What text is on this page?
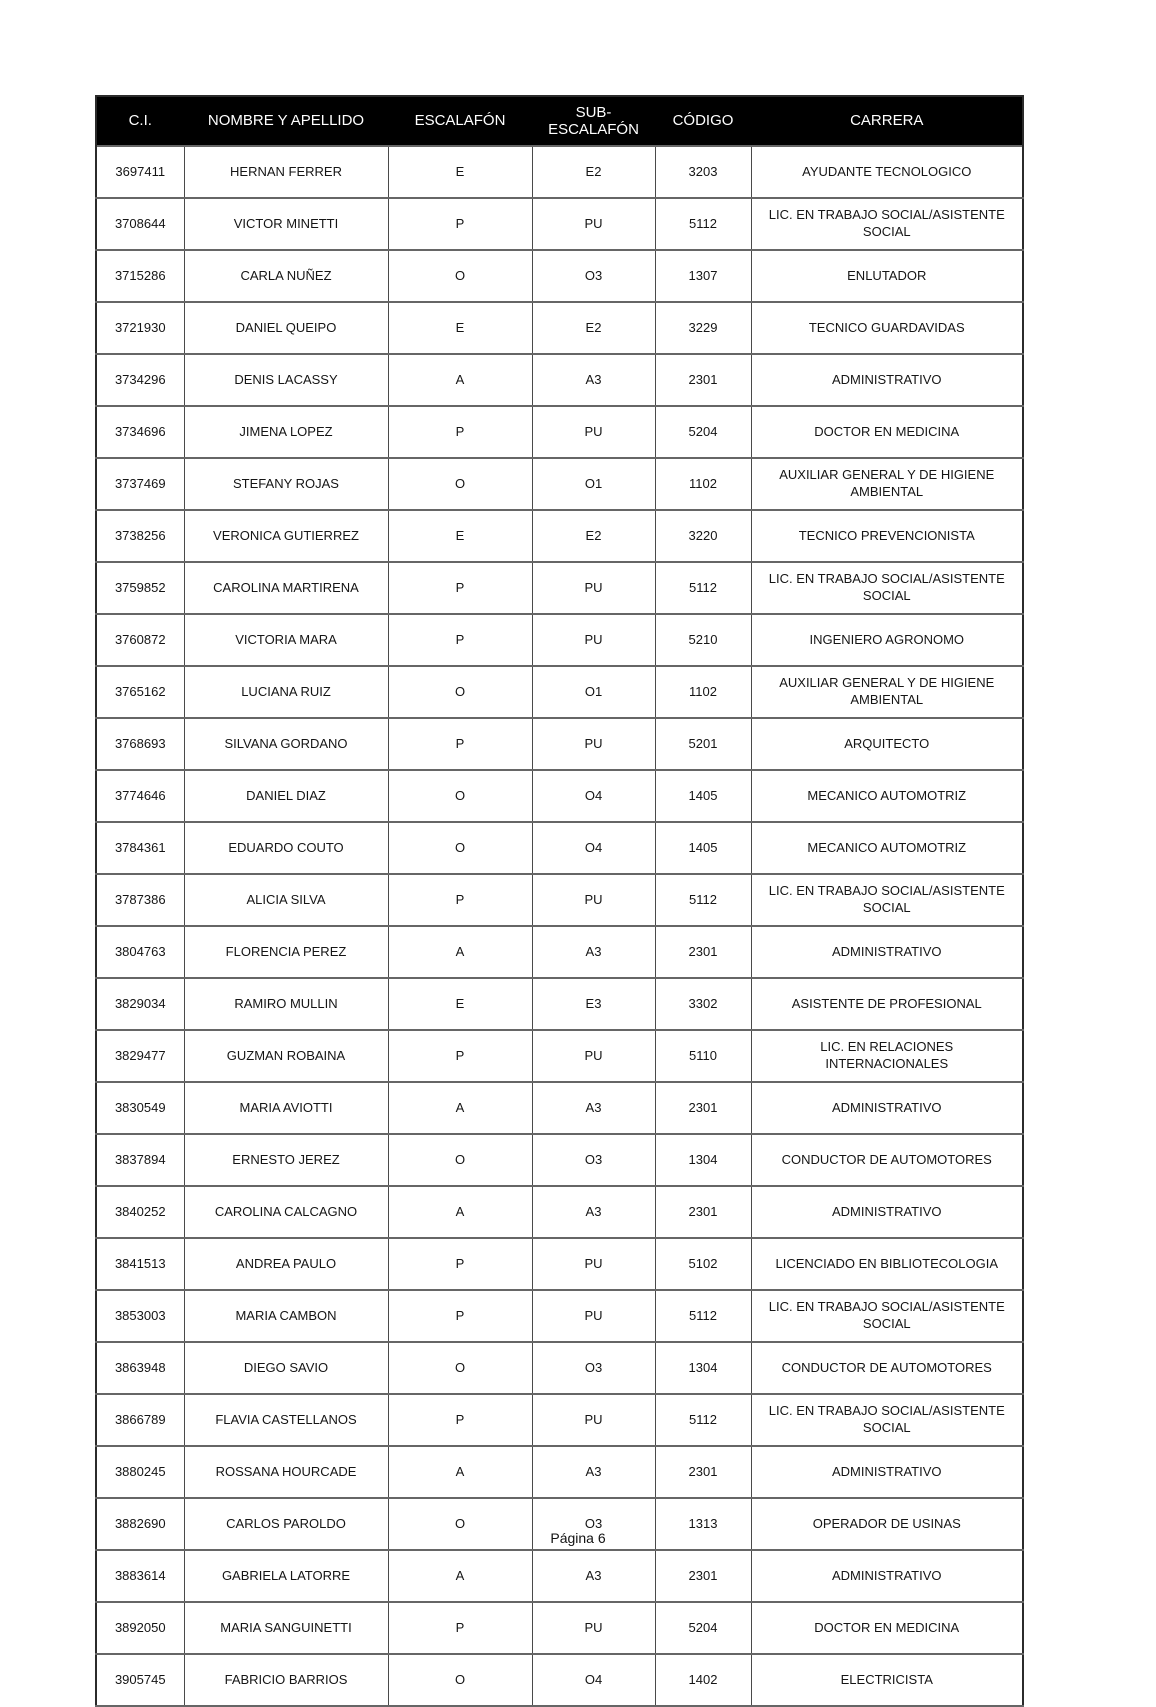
C.I.	NOMBRE Y APELLIDO	ESCALAFÓN	SUB-ESCALAFÓN	CÓDIGO	CARRERA
3697411	HERNAN FERRER	E	E2	3203	AYUDANTE TECNOLOGICO
3708644	VICTOR MINETTI	P	PU	5112	LIC. EN TRABAJO SOCIAL/ASISTENTE SOCIAL
3715286	CARLA NUÑEZ	O	O3	1307	ENLUTADOR
3721930	DANIEL QUEIPO	E	E2	3229	TECNICO GUARDAVIDAS
3734296	DENIS LACASSY	A	A3	2301	ADMINISTRATIVO
3734696	JIMENA LOPEZ	P	PU	5204	DOCTOR EN MEDICINA
3737469	STEFANY ROJAS	O	O1	1102	AUXILIAR GENERAL Y DE HIGIENE AMBIENTAL
3738256	VERONICA GUTIERREZ	E	E2	3220	TECNICO PREVENCIONISTA
3759852	CAROLINA MARTIRENA	P	PU	5112	LIC. EN TRABAJO SOCIAL/ASISTENTE SOCIAL
3760872	VICTORIA MARA	P	PU	5210	INGENIERO AGRONOMO
3765162	LUCIANA RUIZ	O	O1	1102	AUXILIAR GENERAL Y DE HIGIENE AMBIENTAL
3768693	SILVANA GORDANO	P	PU	5201	ARQUITECTO
3774646	DANIEL DIAZ	O	O4	1405	MECANICO AUTOMOTRIZ
3784361	EDUARDO COUTO	O	O4	1405	MECANICO AUTOMOTRIZ
3787386	ALICIA SILVA	P	PU	5112	LIC. EN TRABAJO SOCIAL/ASISTENTE SOCIAL
3804763	FLORENCIA PEREZ	A	A3	2301	ADMINISTRATIVO
3829034	RAMIRO MULLIN	E	E3	3302	ASISTENTE DE PROFESIONAL
3829477	GUZMAN ROBAINA	P	PU	5110	LIC. EN RELACIONES INTERNACIONALES
3830549	MARIA AVIOTTI	A	A3	2301	ADMINISTRATIVO
3837894	ERNESTO JEREZ	O	O3	1304	CONDUCTOR DE AUTOMOTORES
3840252	CAROLINA CALCAGNO	A	A3	2301	ADMINISTRATIVO
3841513	ANDREA PAULO	P	PU	5102	LICENCIADO EN BIBLIOTECOLOGIA
3853003	MARIA CAMBON	P	PU	5112	LIC. EN TRABAJO SOCIAL/ASISTENTE SOCIAL
3863948	DIEGO SAVIO	O	O3	1304	CONDUCTOR DE AUTOMOTORES
3866789	FLAVIA CASTELLANOS	P	PU	5112	LIC. EN TRABAJO SOCIAL/ASISTENTE SOCIAL
3880245	ROSSANA HOURCADE	A	A3	2301	ADMINISTRATIVO
3882690	CARLOS PAROLDO	O	O3	1313	OPERADOR DE USINAS
3883614	GABRIELA LATORRE	A	A3	2301	ADMINISTRATIVO
3892050	MARIA SANGUINETTI	P	PU	5204	DOCTOR EN MEDICINA
3905745	FABRICIO BARRIOS	O	O4	1402	ELECTRICISTA
Página 6
